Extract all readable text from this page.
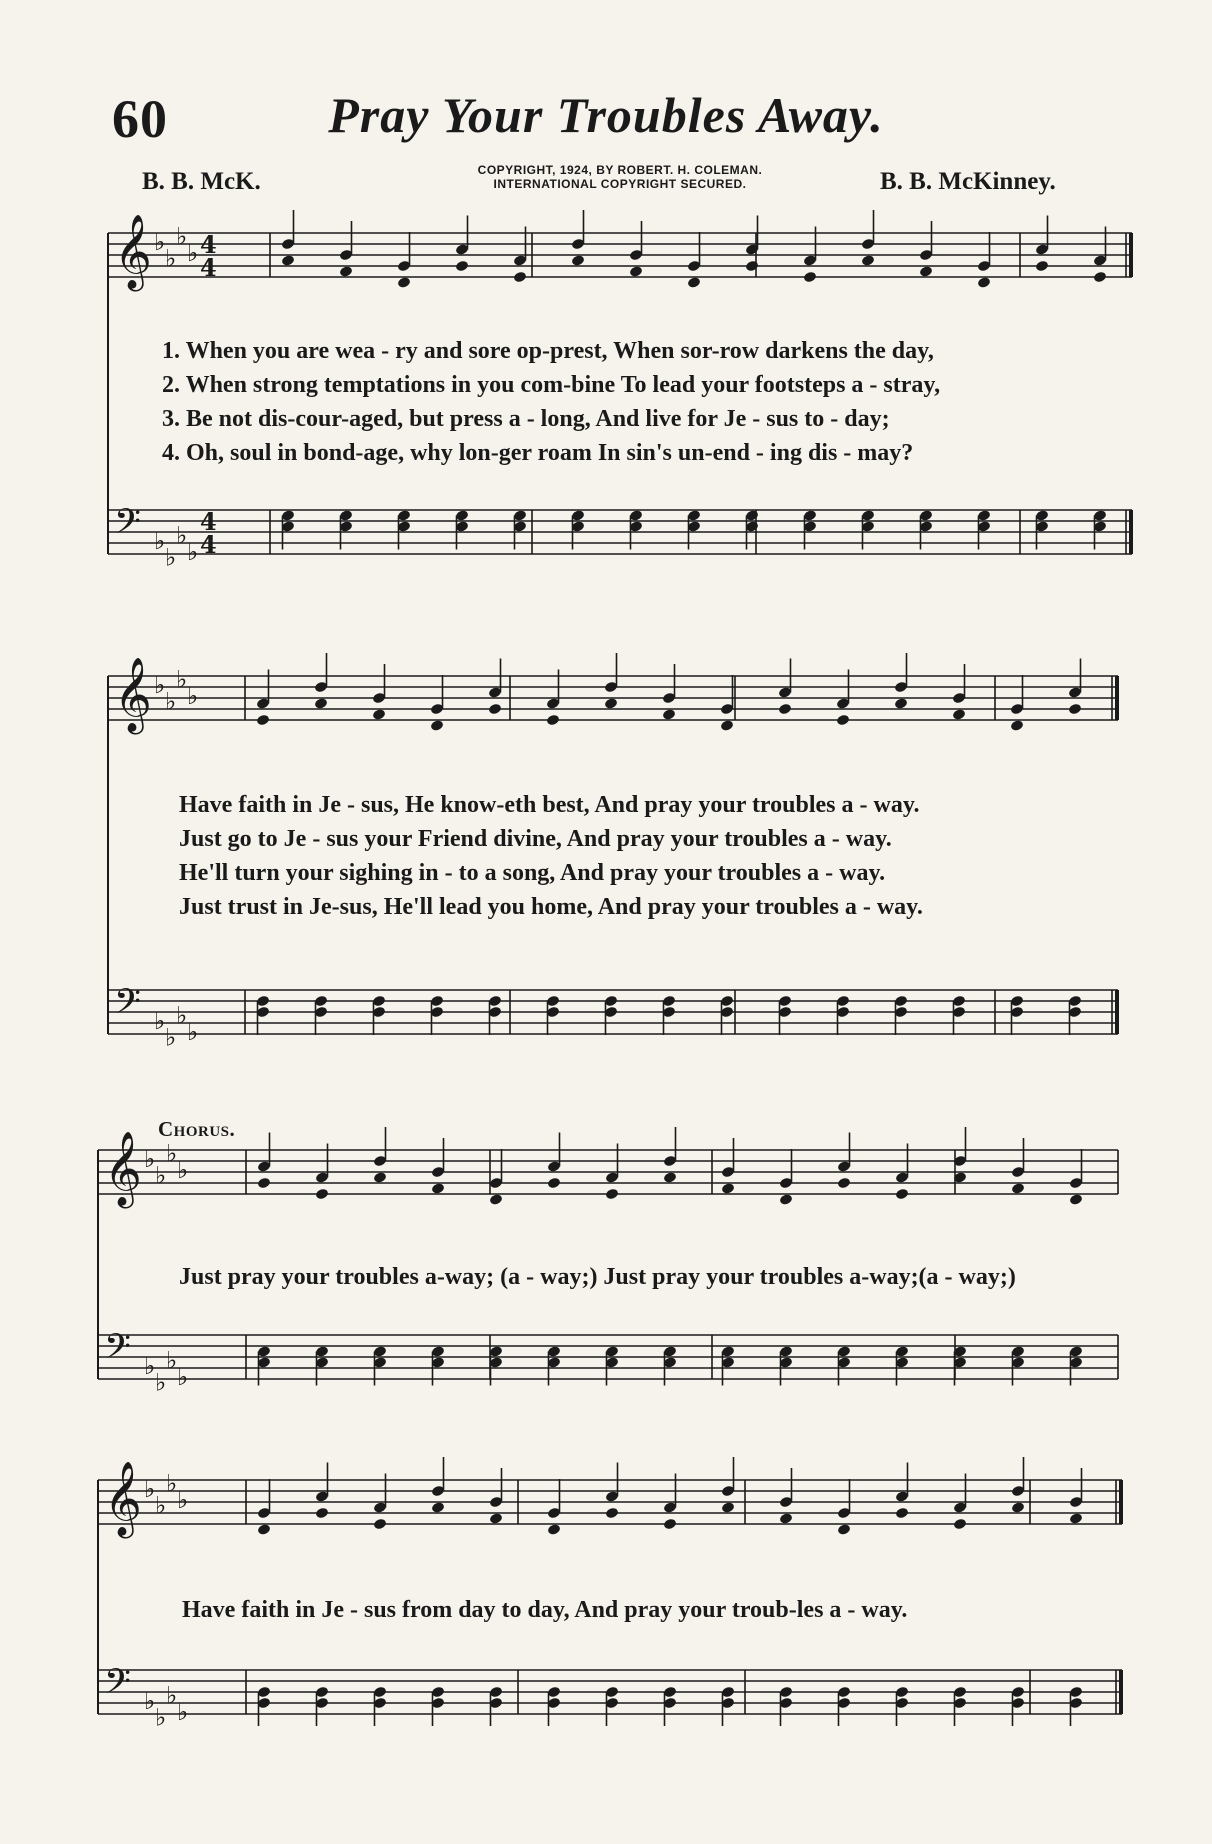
60	Pray Your Troubles Away.
B. B. McK.	COPYRIGHT, 1924, BY ROBERT. H. COLEMAN.
INTERNATIONAL COPYRIGHT SECURED.	B. B. McKinney.
𝄞 ♭
♭
♭
♭
𝄢 ♭
♭
♭
♭
4
4
4
4
𝄞 ♭
♭
♭
♭
𝄢 ♭
♭
♭
♭
𝄞 ♭
♭
♭
♭
𝄢 ♭
♭
♭
♭
𝄞 ♭
♭
♭
♭
𝄢 ♭
♭
♭
♭
1. When you are wea - ry and sore op-prest, When sor-row darkens the day,
2. When strong temptations in you com-bine To lead your footsteps a - stray,
3. Be not dis-cour-aged, but press a - long, And live for Je - sus to - day;
4. Oh, soul in bond-age, why lon-ger roam In sin's un-end - ing dis - may?
Have faith in Je - sus, He know-eth best, And pray your troubles a - way.
Just go to Je - sus your Friend divine, And pray your troubles a - way.
He'll turn your sighing in - to a song, And pray your troubles a - way.
Just trust in Je-sus, He'll lead you home, And pray your troubles a - way.
Chorus.
Just pray your troubles a-way; (a - way;) Just pray your troubles a-way;(a - way;)
Have faith in Je - sus from day to day, And pray your troub-les a - way.
